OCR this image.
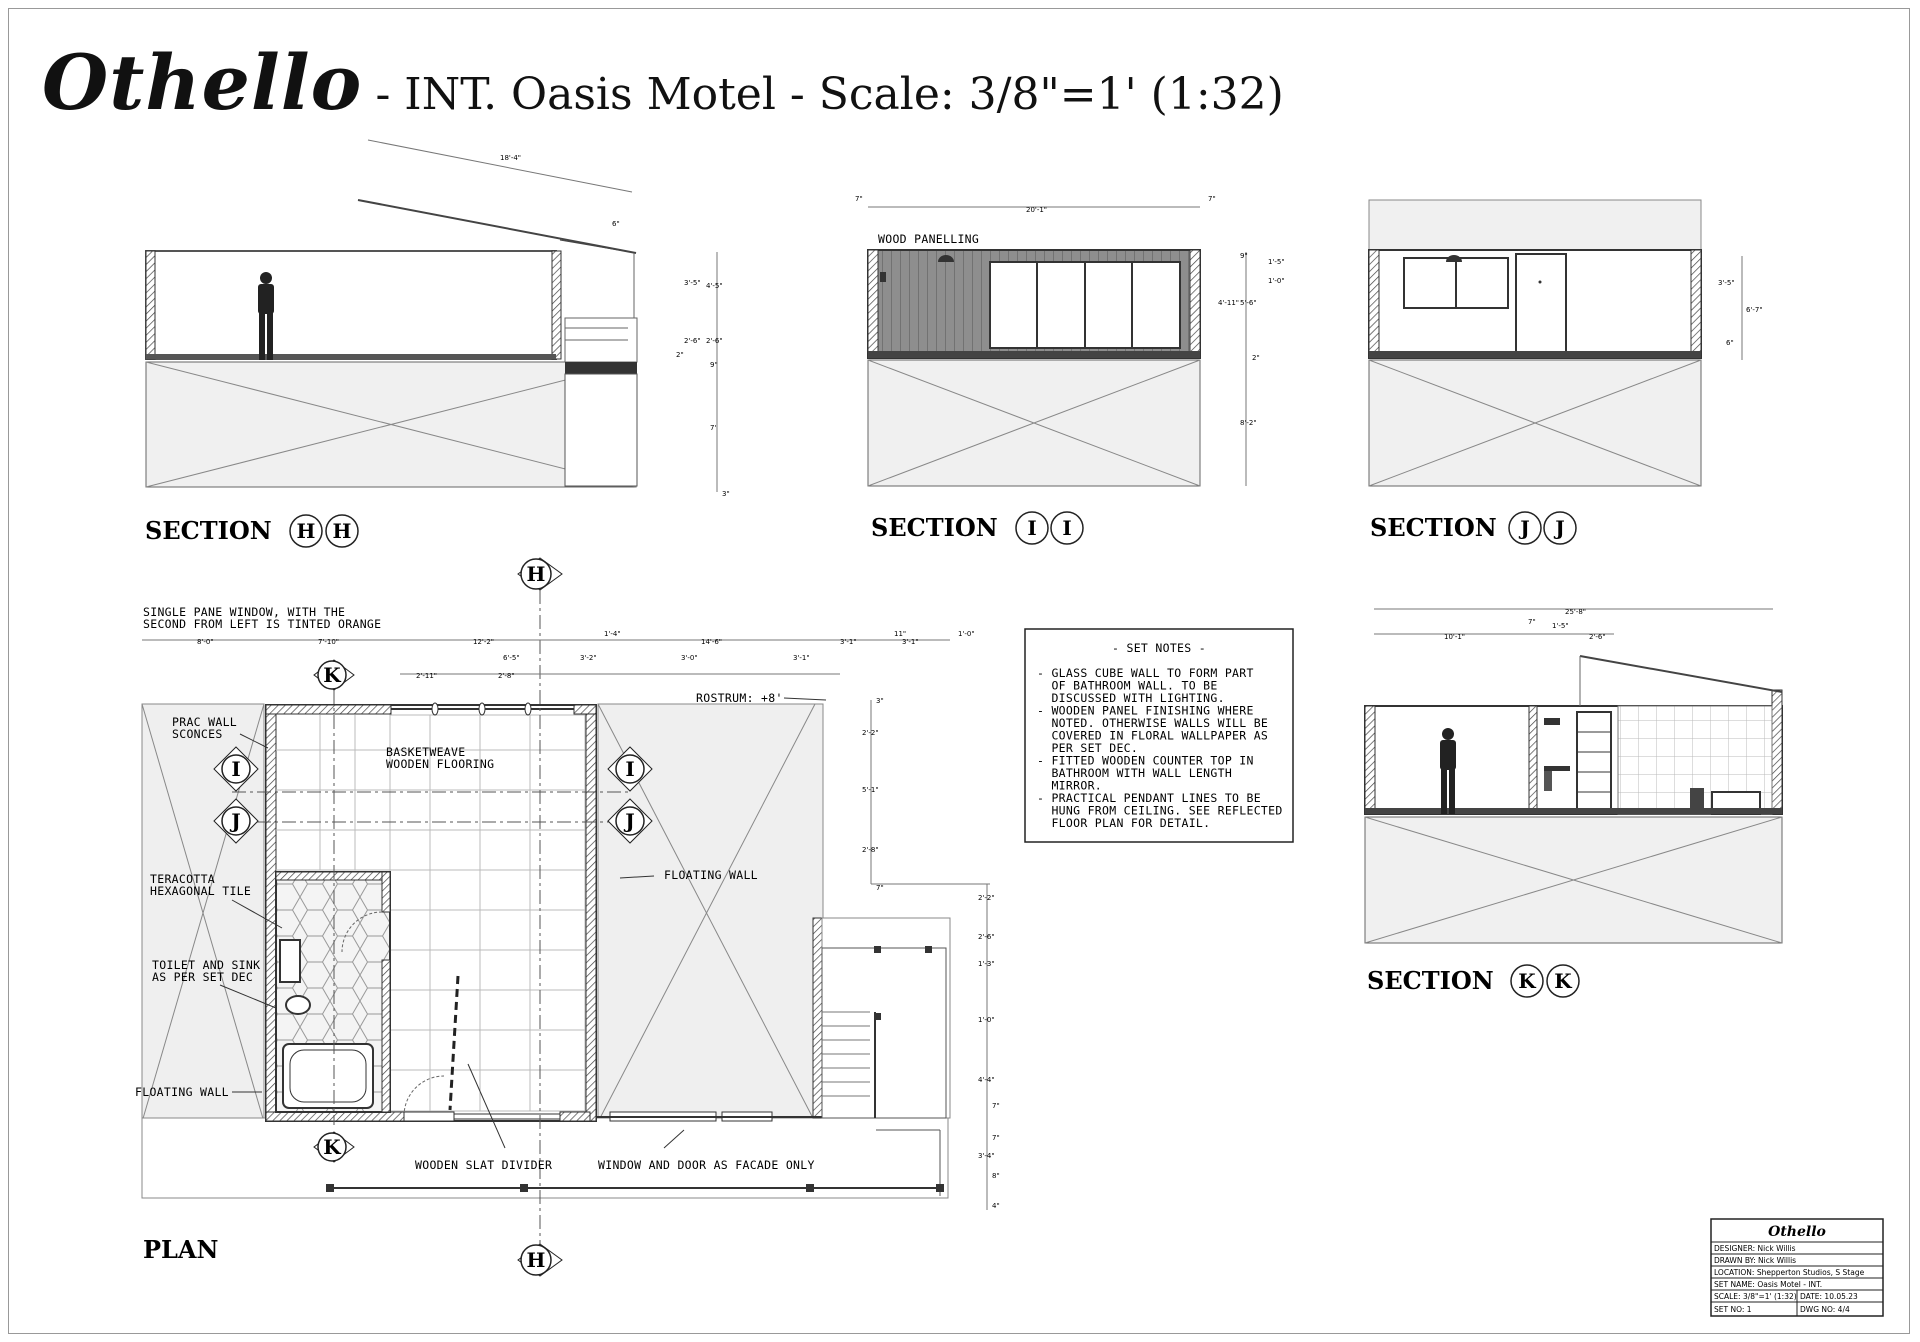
Othello - INT. Oasis Motel - Scale: 3/8"=1' (1:32)
18'-4"
6"
3'-5" 4'-5"
2'-6" 2'-6"
2"
9"
7'
3"
SECTION H H
20'-1"
7"	7"
9"
1'-5"
1'-0"
4'-11" 5'-6"
2"
8'-2"
WOOD PANELLING
SECTION I I
3'-5"
6'-7"
6"
SECTION J J
25'-8"
10'-1"
7" 1'-5"
2'-6"
SECTION K K
- SET NOTES -
- GLASS CUBE WALL TO FORM PART
OF BATHROOM WALL. TO BE
DISCUSSED WITH LIGHTING.
- WOODEN PANEL FINISHING WHERE
NOTED. OTHERWISE WALLS WILL BE
COVERED IN FLORAL WALLPAPER AS
PER SET DEC.
- FITTED WOODEN COUNTER TOP IN
BATHROOM WITH WALL LENGTH
MIRROR.
- PRACTICAL PENDANT LINES TO BE
HUNG FROM CEILING. SEE REFLECTED
FLOOR PLAN FOR DETAIL.
8'-0"	7'-10"	12'-2"	14'-6"	3'-1"	3'-1"
1'-0"
1'-4"	11"
2'-11"	2'-8"
6'-5"	3'-2"	3'-0"	3'-1"
3"
2'-2"
5'-1"
2'-8"
7"
2'-2"
2'-6"
1'-3"
1'-0"
4'-4"
7"
7"
3'-4"
8"
4"
H
H
K
K
I
J
I
J
SINGLE PANE WINDOW, WITH THE
SECOND FROM LEFT IS TINTED ORANGE
ROSTRUM: +8'
PRAC WALL
SCONCES
BASKETWEAVE
WOODEN FLOORING
FLOATING WALL
TERACOTTA
HEXAGONAL TILE
TOILET AND SINK
AS PER SET DEC
FLOATING WALL
WOODEN SLAT DIVIDER	WINDOW AND DOOR AS FACADE ONLY
PLAN
Othello
DESIGNER: Nick Willis
DRAWN BY: Nick Willis
LOCATION: Shepperton Studios, S Stage
SET NAME: Oasis Motel - INT.
SCALE: 3/8"=1' (1:32) DATE: 10.05.23
SET NO: 1	DWG NO: 4/4
